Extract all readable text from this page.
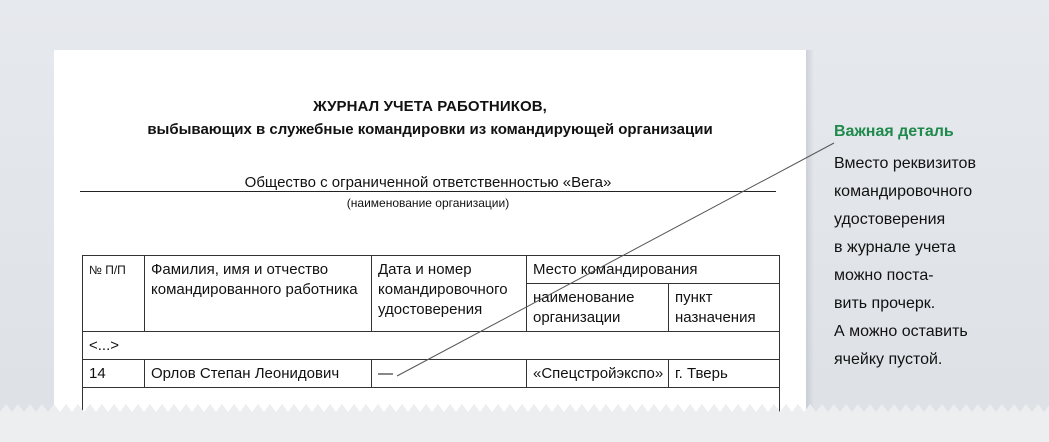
ЖУРНАЛ УЧЕТА РАБОТНИКОВ,
выбывающих в служебные командировки из командирующей организации
Общество с ограниченной ответственностью «Вега»
(наименование организации)
№ П/П	Фамилия, имя и отчество командированного работника	Дата и номер командировочного удостоверения	Место командирования	
			наименование организации	пункт назначения
<...>				
14	Орлов Степан Леонидович	—	«Спецстройэкспо»	г. Тверь

Важная деталь
Вместо реквизитов
командировочного
удостоверения
в журнале учета
можно поста-
вить прочерк.
А можно оставить
ячейку пустой.
